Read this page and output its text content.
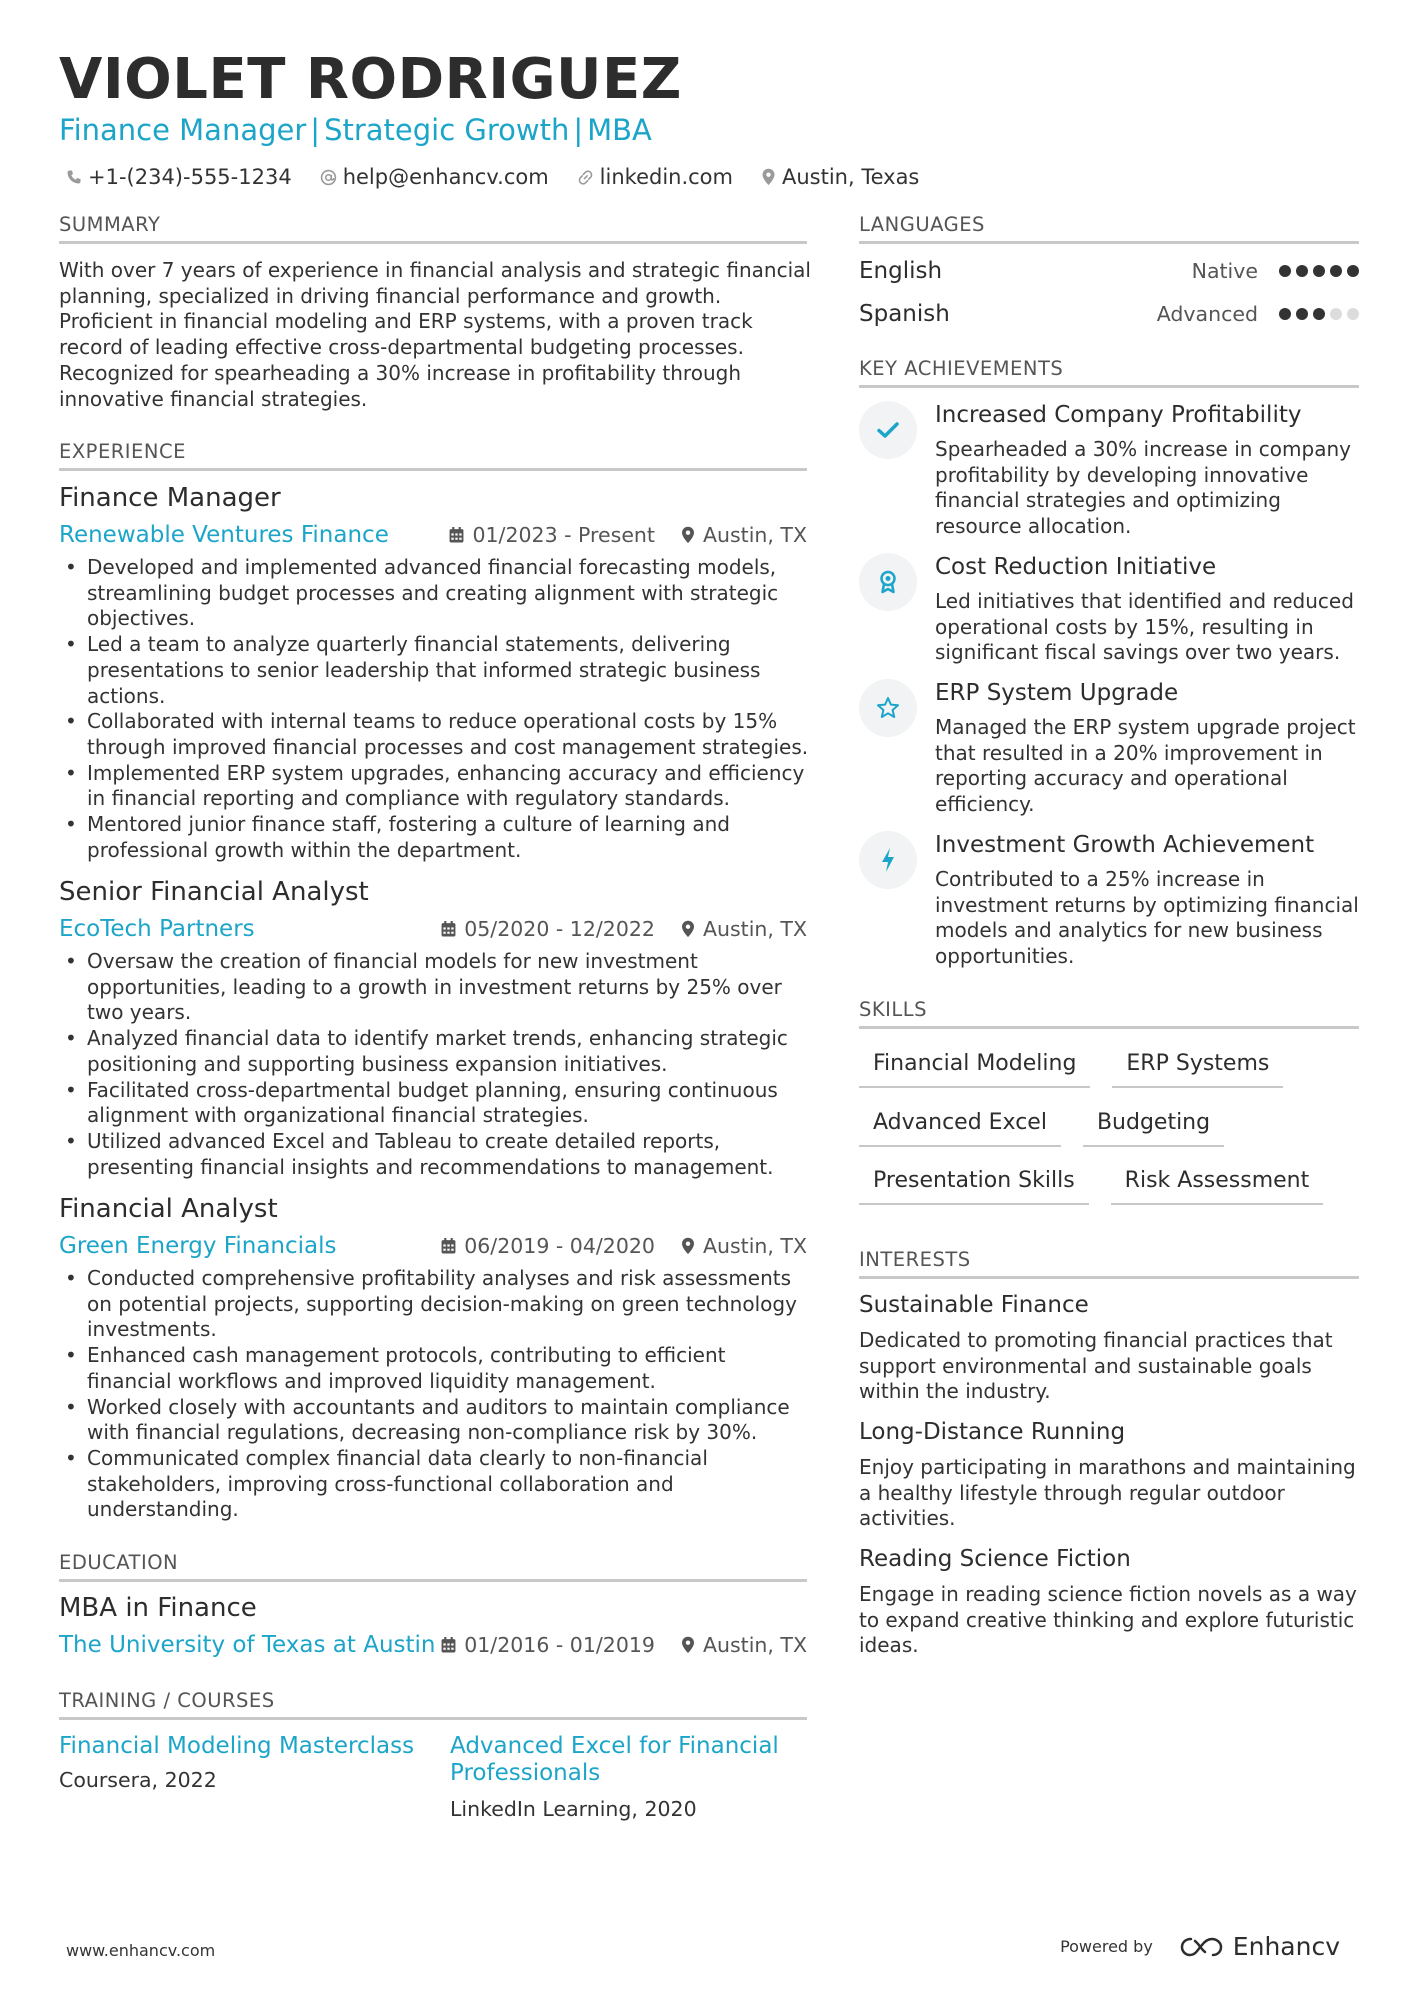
VIOLET RODRIGUEZ
Finance Manager | Strategic Growth | MBA
+1-(234)-555-1234 help@enhancv.com linkedin.com Austin, Texas
SUMMARY
With over 7 years of experience in financial analysis and strategic financial planning, specialized in driving financial performance and growth. Proficient in financial modeling and ERP systems, with a proven track record of leading effective cross-departmental budgeting processes. Recognized for spearheading a 30% increase in profitability through innovative financial strategies.
EXPERIENCE
Finance Manager
Renewable Ventures Finance	01/2023 - Present Austin, TX
• Developed and implemented advanced financial forecasting models, streamlining budget processes and creating alignment with strategic objectives.
• Led a team to analyze quarterly financial statements, delivering presentations to senior leadership that informed strategic business actions.
• Collaborated with internal teams to reduce operational costs by 15% through improved financial processes and cost management strategies.
• Implemented ERP system upgrades, enhancing accuracy and efficiency in financial reporting and compliance with regulatory standards.
• Mentored junior finance staff, fostering a culture of learning and professional growth within the department.
Senior Financial Analyst
EcoTech Partners	05/2020 - 12/2022 Austin, TX
• Oversaw the creation of financial models for new investment opportunities, leading to a growth in investment returns by 25% over two years.
• Analyzed financial data to identify market trends, enhancing strategic positioning and supporting business expansion initiatives.
• Facilitated cross-departmental budget planning, ensuring continuous alignment with organizational financial strategies.
• Utilized advanced Excel and Tableau to create detailed reports, presenting financial insights and recommendations to management.
Financial Analyst
Green Energy Financials	06/2019 - 04/2020 Austin, TX
• Conducted comprehensive profitability analyses and risk assessments on potential projects, supporting decision-making on green technology investments.
• Enhanced cash management protocols, contributing to efficient financial workflows and improved liquidity management.
• Worked closely with accountants and auditors to maintain compliance with financial regulations, decreasing non-compliance risk by 30%.
• Communicated complex financial data clearly to non-financial stakeholders, improving cross-functional collaboration and understanding.
EDUCATION
MBA in Finance
The University of Texas at Austin 01/2016 - 01/2019 Austin, TX
TRAINING / COURSES
Financial Modeling Masterclass
Coursera, 2022
Advanced Excel for Financial Professionals
LinkedIn Learning, 2020
LANGUAGES
English	Native
Spanish	Advanced
KEY ACHIEVEMENTS
Increased Company Profitability
Spearheaded a 30% increase in company profitability by developing innovative financial strategies and optimizing resource allocation.
Cost Reduction Initiative
Led initiatives that identified and reduced operational costs by 15%, resulting in significant fiscal savings over two years.
ERP System Upgrade
Managed the ERP system upgrade project that resulted in a 20% improvement in reporting accuracy and operational efficiency.
Investment Growth Achievement
Contributed to a 25% increase in investment returns by optimizing financial models and analytics for new business opportunities.
SKILLS
Financial Modeling	ERP Systems
Advanced Excel	Budgeting
Presentation Skills	Risk Assessment
INTERESTS
Sustainable Finance
Dedicated to promoting financial practices that support environmental and sustainable goals within the industry.
Long-Distance Running
Enjoy participating in marathons and maintaining a healthy lifestyle through regular outdoor activities.
Reading Science Fiction
Engage in reading science fiction novels as a way to expand creative thinking and explore futuristic ideas.
www.enhancv.com	Powered by	Enhancv
